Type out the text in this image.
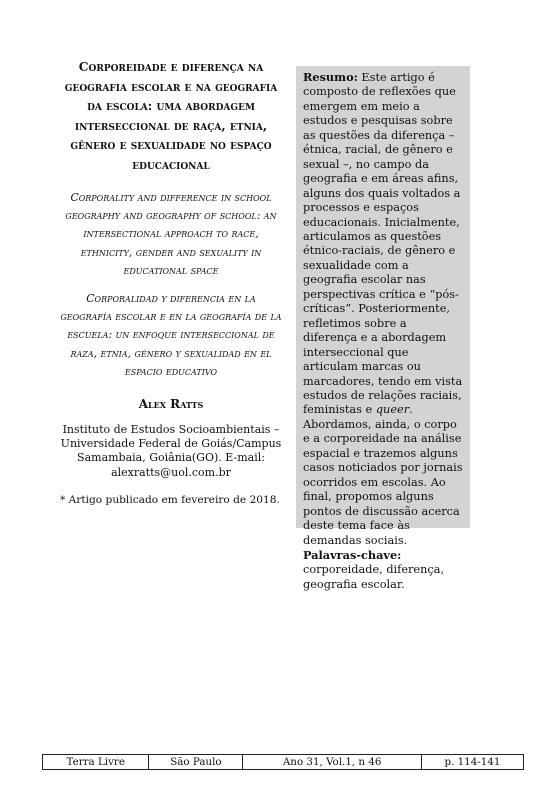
Corporeidade e diferença na geografia escolar e na geografia da escola: uma abordagem interseccional de raça, etnia, gênero e sexualidade no espaço educacional

Corporality and difference in school geography and geography of school: an intersectional approach to race, ethnicity, gender and sexuality in educational space

Corporalidad y diferencia en la geografía escolar e en la geografía de la escuela: un enfoque interseccional de raza, etnia, género y sexualidad en el espacio educativo

Alex Ratts
Instituto de Estudos Socioambientais – Universidade Federal de Goiás/Campus Samambaia, Goiânia(GO). E-mail: alexratts@uol.com.br
* Artigo publicado em fevereiro de 2018.
Resumo: Este artigo é composto de reflexões que emergem em meio a estudos e pesquisas sobre as questões da diferença – étnica, racial, de gênero e sexual –, no campo da geografia e em áreas afins, alguns dos quais voltados a processos e espaços educacionais. Inicialmente, articulamos as questões étnico-raciais, de gênero e sexualidade com a geografia escolar nas perspectivas crítica e “pós-críticas”. Posteriormente, refletimos sobre a diferença e a abordagem interseccional que articulam marcas ou marcadores, tendo em vista estudos de relações raciais, feministas e queer. Abordamos, ainda, o corpo e a corporeidade na análise espacial e trazemos alguns casos noticiados por jornais ocorridos em escolas. Ao final, propomos alguns pontos de discussão acerca deste tema face às demandas sociais.
Palavras-chave: corporeidade, diferença, geografia escolar.
Terra Livre	São Paulo	Ano 31, Vol.1, n 46	p. 114-141
